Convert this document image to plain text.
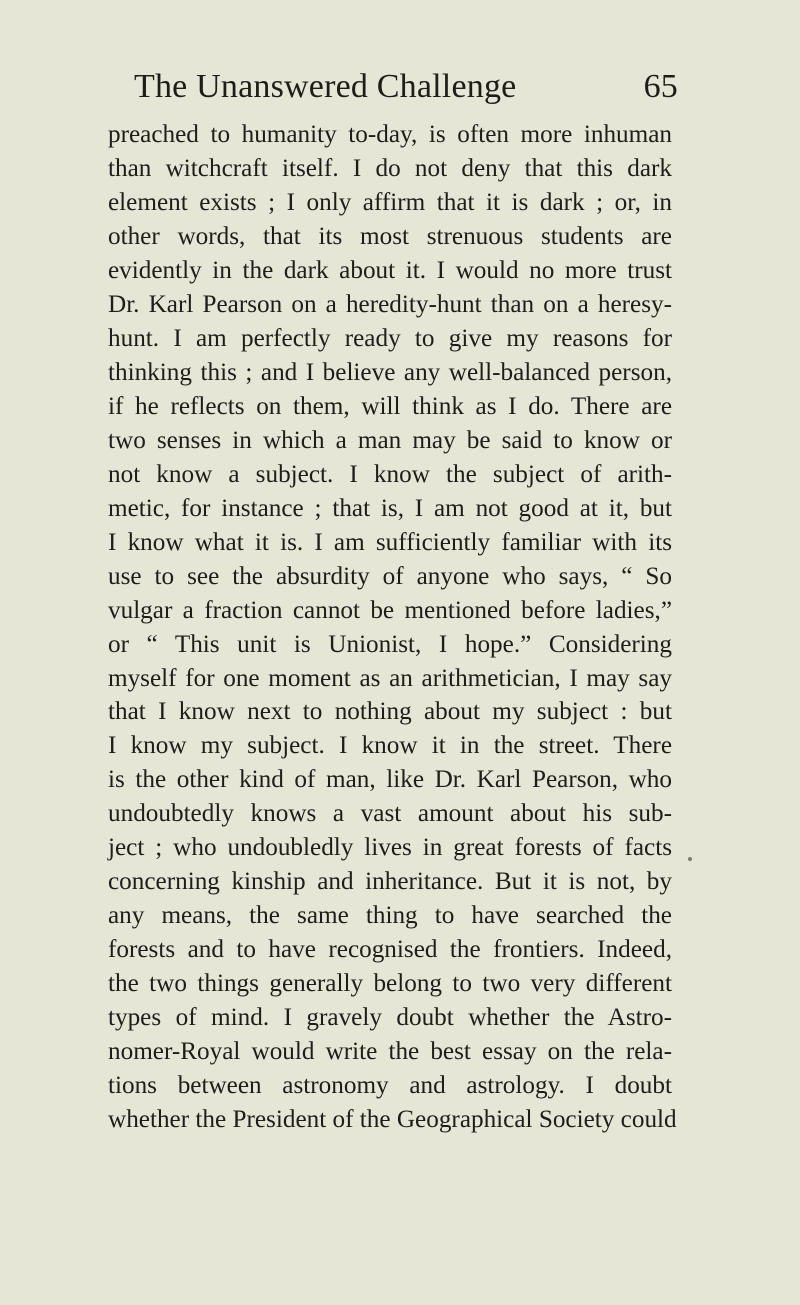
The Unanswered Challenge	65
preached to humanity to-day, is often more inhuman
than witchcraft itself. I do not deny that this dark
element exists ; I only affirm that it is dark ; or, in
other words, that its most strenuous students are
evidently in the dark about it. I would no more trust
Dr. Karl Pearson on a heredity-hunt than on a heresy-
hunt. I am perfectly ready to give my reasons for
thinking this ; and I believe any well-balanced person,
if he reflects on them, will think as I do. There are
two senses in which a man may be said to know or
not know a subject. I know the subject of arith-
metic, for instance ; that is, I am not good at it, but
I know what it is. I am sufficiently familiar with its
use to see the absurdity of anyone who says, “ So
vulgar a fraction cannot be mentioned before ladies,”
or “ This unit is Unionist, I hope.” Considering
myself for one moment as an arithmetician, I may say
that I know next to nothing about my subject : but
I know my subject. I know it in the street. There
is the other kind of man, like Dr. Karl Pearson, who
undoubtedly knows a vast amount about his sub-
ject ; who undoubledly lives in great forests of facts
concerning kinship and inheritance. But it is not, by
any means, the same thing to have searched the
forests and to have recognised the frontiers. Indeed,
the two things generally belong to two very different
types of mind. I gravely doubt whether the Astro-
nomer-Royal would write the best essay on the rela-
tions between astronomy and astrology. I doubt
whether the President of the Geographical Society could
